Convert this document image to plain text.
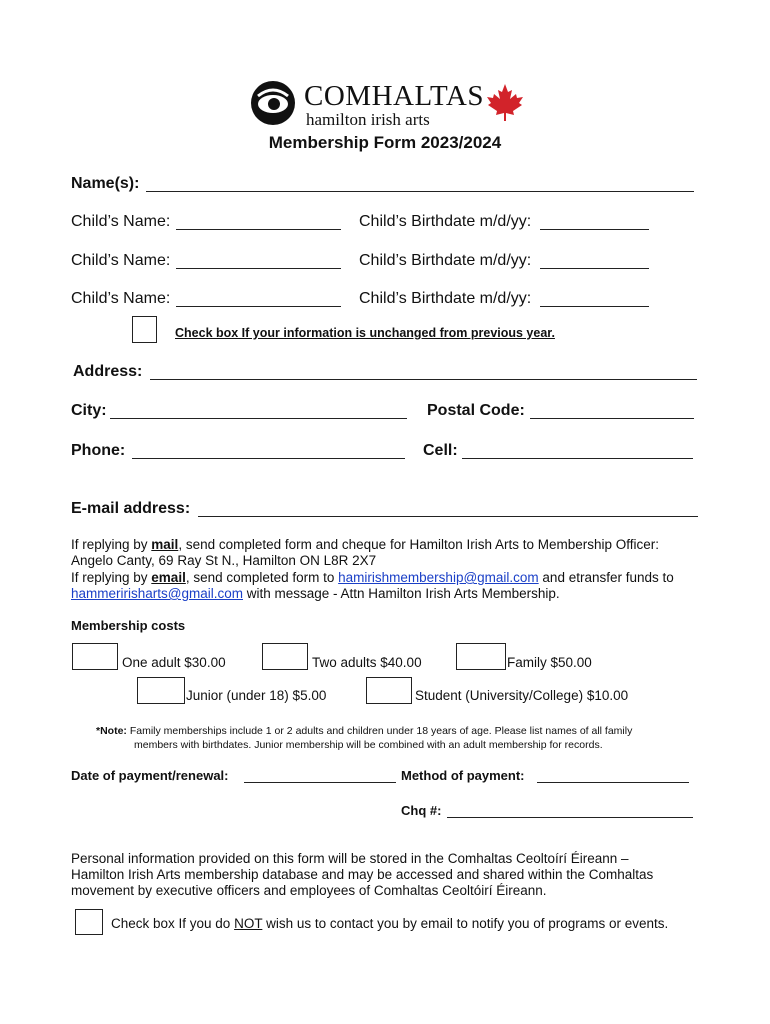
COMHALTAS
hamilton irish arts
Membership Form 2023/2024
Name(s):
Child’s Name:	Child’s Birthdate m/d/yy:
Child’s Name:	Child’s Birthdate m/d/yy:
Child’s Name:	Child’s Birthdate m/d/yy:
Check box If your information is unchanged from previous year.
Address:
City:	Postal Code:
Phone:	Cell:
E-mail address:
If replying by mail, send completed form and cheque for Hamilton Irish Arts to Membership Officer:
Angelo Canty, 69 Ray St N., Hamilton ON L8R 2X7
If replying by email, send completed form to hamirishmembership@gmail.com and etransfer funds to
hammeririsharts@gmail.com with message - Attn Hamilton Irish Arts Membership.
Membership costs
One adult $30.00	Two adults $40.00	Family $50.00
Junior (under 18) $5.00	Student (University/College) $10.00
*Note: Family memberships include 1 or 2 adults and children under 18 years of age. Please list names of all family
members with birthdates. Junior membership will be combined with an adult membership for records.
Date of payment/renewal:	Method of payment:
Chq #:
Personal information provided on this form will be stored in the Comhaltas Ceoltoírí Éireann –
Hamilton Irish Arts membership database and may be accessed and shared within the Comhaltas
movement by executive officers and employees of Comhaltas Ceoltóirí Éireann.
Check box If you do NOT wish us to contact you by email to notify you of programs or events.
